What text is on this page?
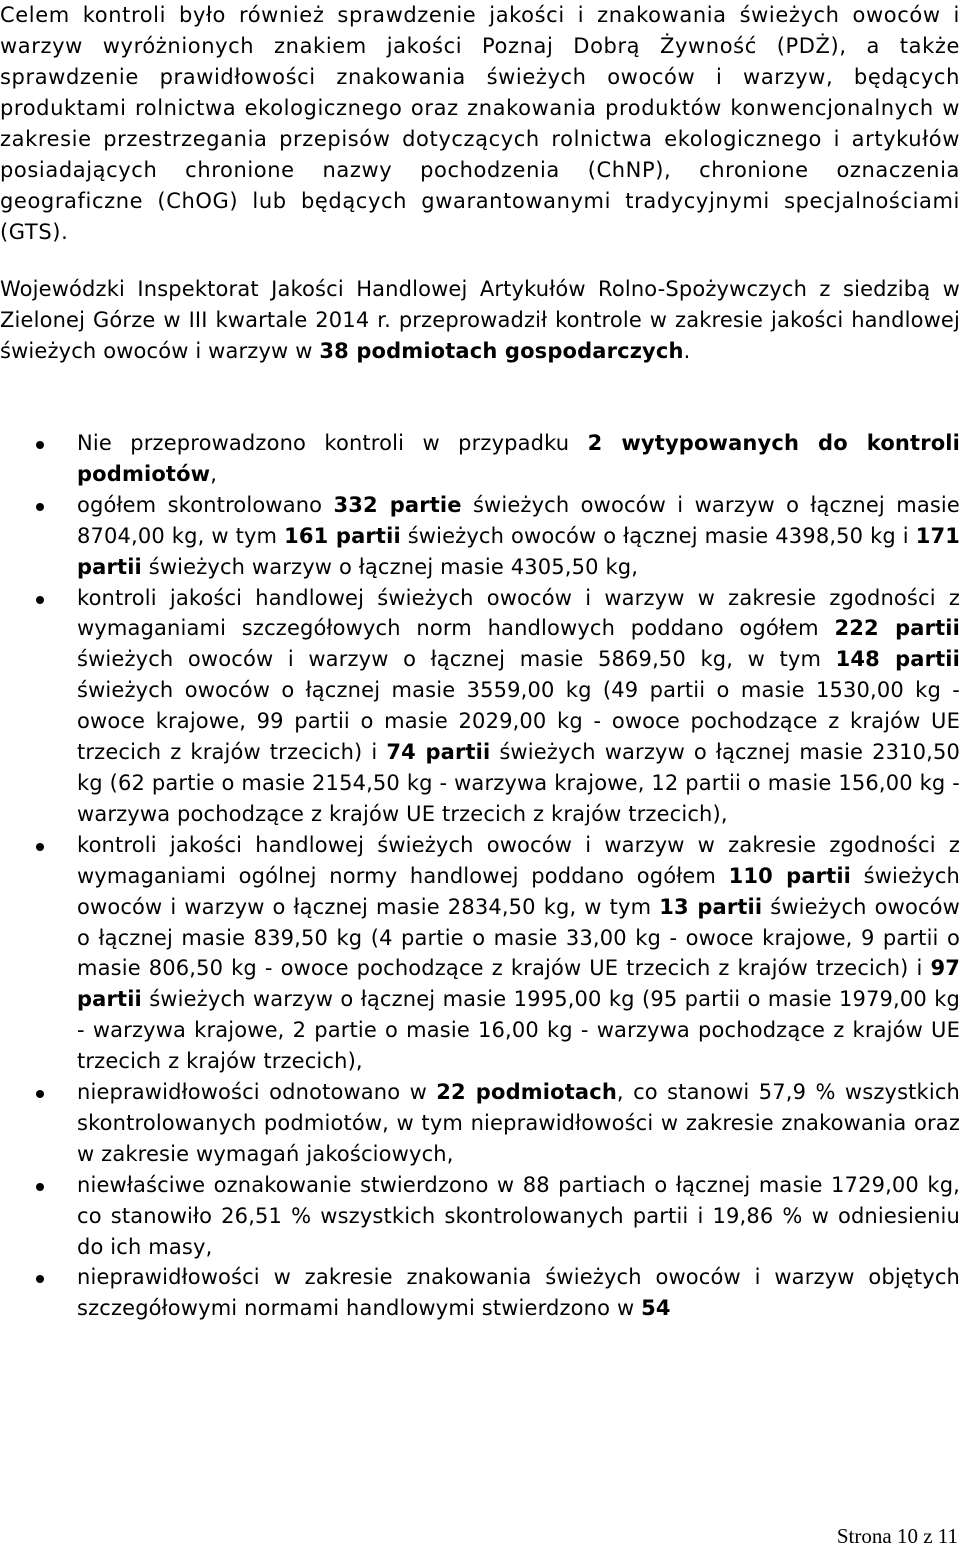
Celem kontroli było również sprawdzenie jakości i znakowania świeżych owoców i warzyw wyróżnionych znakiem jakości Poznaj Dobrą Żywność (PDŻ), a także sprawdzenie prawidłowości znakowania świeżych owoców i warzyw, będących produktami rolnictwa ekologicznego oraz znakowania produktów konwencjonalnych w zakresie przestrzegania przepisów dotyczących rolnictwa ekologicznego i artykułów posiadających chronione nazwy pochodzenia (ChNP), chronione oznaczenia geograficzne (ChOG) lub będących gwarantowanymi tradycyjnymi specjalnościami (GTS).

Wojewódzki Inspektorat Jakości Handlowej Artykułów Rolno-Spożywczych z siedzibą w Zielonej Górze w III kwartale 2014 r. przeprowadził kontrole w zakresie jakości handlowej świeżych owoców i warzyw w 38 podmiotach gospodarczych.

Nie przeprowadzono kontroli w przypadku 2 wytypowanych do kontroli podmiotów,
ogółem skontrolowano 332 partie świeżych owoców i warzyw o łącznej masie 8704,00 kg, w tym 161 partii świeżych owoców o łącznej masie 4398,50 kg i 171 partii świeżych warzyw o łącznej masie 4305,50 kg,
kontroli jakości handlowej świeżych owoców i warzyw w zakresie zgodności z wymaganiami szczegółowych norm handlowych poddano ogółem 222 partii świeżych owoców i warzyw o łącznej masie 5869,50 kg, w tym 148 partii świeżych owoców o łącznej masie 3559,00 kg (49 partii o masie 1530,00 kg - owoce krajowe, 99 partii o masie 2029,00 kg - owoce pochodzące z krajów UE trzecich z krajów trzecich) i 74 partii świeżych warzyw o łącznej masie 2310,50 kg (62 partie o masie 2154,50 kg - warzywa krajowe, 12 partii o masie 156,00 kg - warzywa pochodzące z krajów UE trzecich z krajów trzecich),
kontroli jakości handlowej świeżych owoców i warzyw w zakresie zgodności z wymaganiami ogólnej normy handlowej poddano ogółem 110 partii świeżych owoców i warzyw o łącznej masie 2834,50 kg, w tym 13 partii świeżych owoców o łącznej masie 839,50 kg (4 partie o masie 33,00 kg - owoce krajowe, 9 partii o masie 806,50 kg - owoce pochodzące z krajów UE trzecich z krajów trzecich) i 97 partii świeżych warzyw o łącznej masie 1995,00 kg (95 partii o masie 1979,00 kg - warzywa krajowe, 2 partie o masie 16,00 kg - warzywa pochodzące z krajów UE trzecich z krajów trzecich),
nieprawidłowości odnotowano w 22 podmiotach, co stanowi 57,9 % wszystkich skontrolowanych podmiotów, w tym nieprawidłowości w zakresie znakowania oraz w zakresie wymagań jakościowych,
niewłaściwe oznakowanie stwierdzono w 88 partiach o łącznej masie 1729,00 kg, co stanowiło 26,51 % wszystkich skontrolowanych partii i 19,86 % w odniesieniu do ich masy,
nieprawidłowości w zakresie znakowania świeżych owoców i warzyw objętych szczegółowymi normami handlowymi stwierdzono w 54
Strona 10 z 11
